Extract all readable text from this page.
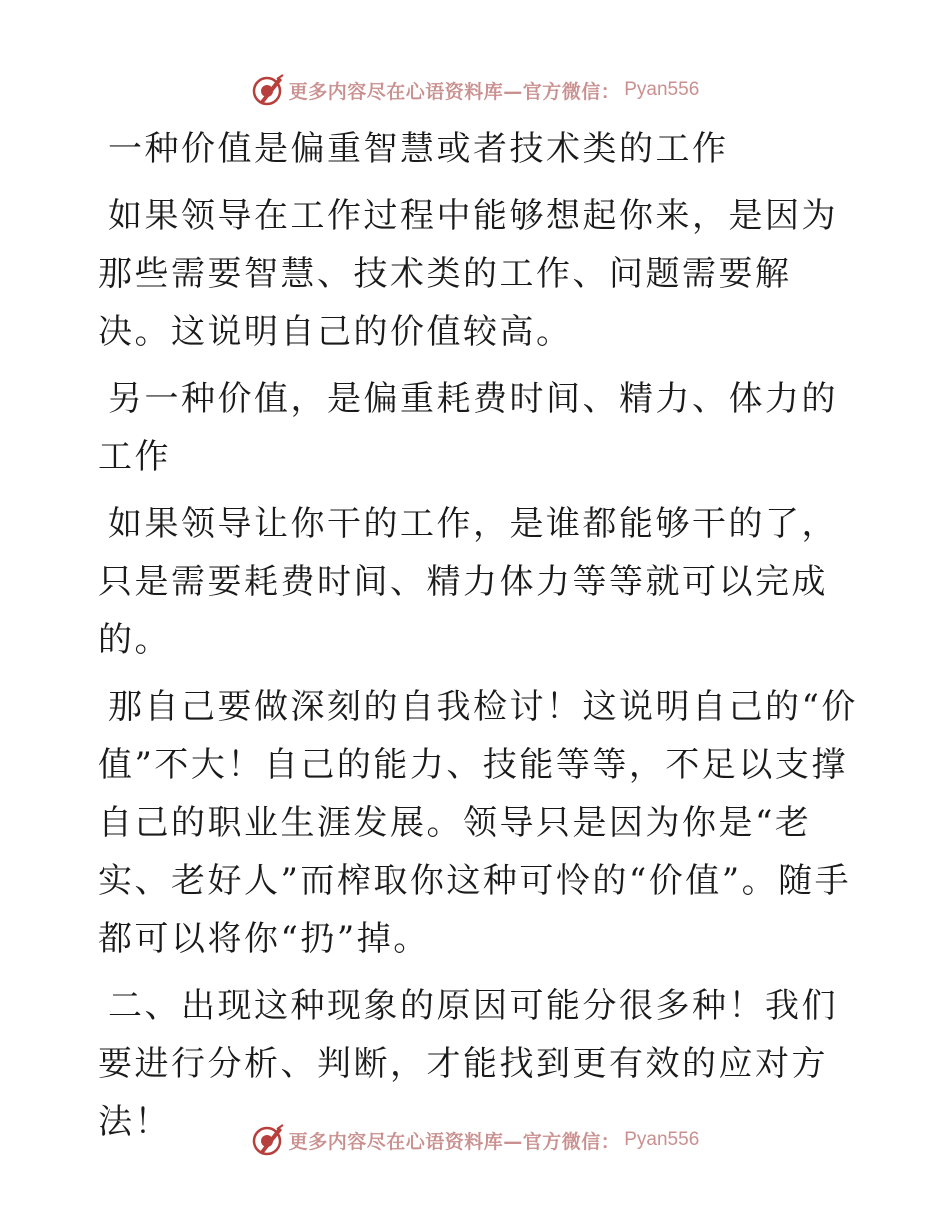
更多内容尽在心语资料库—官方微信： Pyan556

一种价值是偏重智慧或者技术类的工作

如果领导在工作过程中能够想起你来，是因为那些需要智慧、技术类的工作、问题需要解决。这说明自己的价值较高。

另一种价值，是偏重耗费时间、精力、体力的工作

如果领导让你干的工作，是谁都能够干的了，只是需要耗费时间、精力体力等等就可以完成的。

那自己要做深刻的自我检讨！这说明自己的“价值”不大！自己的能力、技能等等，不足以支撑自己的职业生涯发展。领导只是因为你是“老实、老好人”而榨取你这种可怜的“价值”。随手都可以将你“扔”掉。

二、出现这种现象的原因可能分很多种！我们要进行分析、判断，才能找到更有效的应对方法！	更多内容尽在心语资料库—官方微信： Pyan556
